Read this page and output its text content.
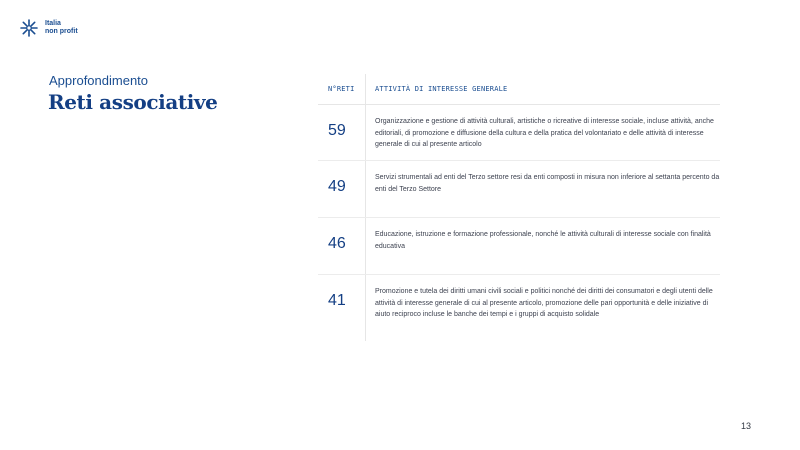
Italia
non profit
Approfondimento
Reti associative
N°RETI	ATTIVITÀ DI INTERESSE GENERALE
59
Organizzazione e gestione di attività culturali, artistiche o ricreative di interesse sociale, incluse attività, anche editoriali, di promozione e diffusione della cultura e della pratica del volontariato e delle attività di interesse generale di cui al presente articolo
49
Servizi strumentali ad enti del Terzo settore resi da enti composti in misura non inferiore al settanta percento da enti del Terzo Settore
46
Educazione, istruzione e formazione professionale, nonché le attività culturali di interesse sociale con finalità educativa
41
Promozione e tutela dei diritti umani civili sociali e politici nonché dei diritti dei consumatori e degli utenti delle attività di interesse generale di cui al presente articolo, promozione delle pari opportunità e delle iniziative di aiuto reciproco incluse le banche dei tempi e i gruppi di acquisto solidale
13
